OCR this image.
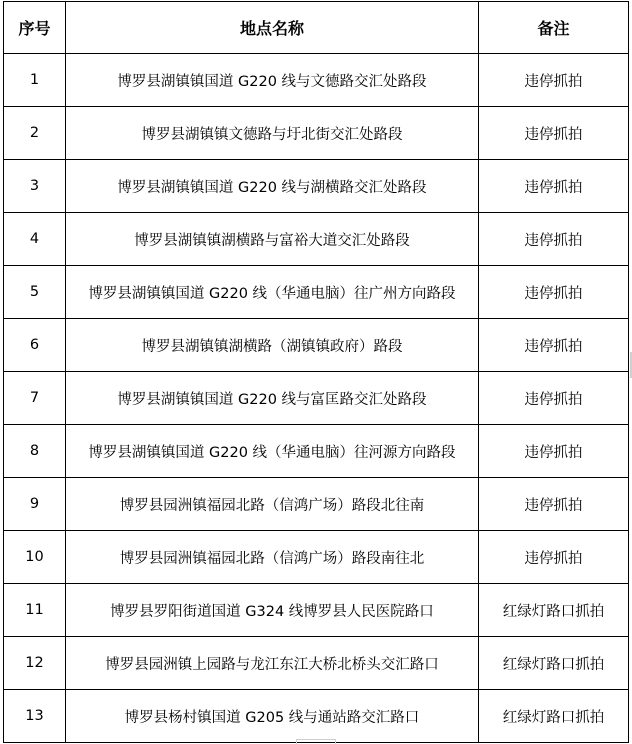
序号	地点名称	备注
1	博罗县湖镇镇国道 G220 线与文德路交汇处路段	违停抓拍
2	博罗县湖镇镇文德路与圩北街交汇处路段	违停抓拍
3	博罗县湖镇镇国道 G220 线与湖横路交汇处路段	违停抓拍
4	博罗县湖镇镇湖横路与富裕大道交汇处路段	违停抓拍
5	博罗县湖镇镇国道 G220 线（华通电脑）往广州方向路段	违停抓拍
6	博罗县湖镇镇湖横路（湖镇镇政府）路段	违停抓拍
7	博罗县湖镇镇国道 G220 线与富匡路交汇处路段	违停抓拍
8	博罗县湖镇镇国道 G220 线（华通电脑）往河源方向路段	违停抓拍
9	博罗县园洲镇福园北路（信鸿广场）路段北往南	违停抓拍
10	博罗县园洲镇福园北路（信鸿广场）路段南往北	违停抓拍
11	博罗县罗阳街道国道 G324 线博罗县人民医院路口	红绿灯路口抓拍
12	博罗县园洲镇上园路与龙江东江大桥北桥头交汇路口	红绿灯路口抓拍
13	博罗县杨村镇国道 G205 线与通站路交汇路口	红绿灯路口抓拍
